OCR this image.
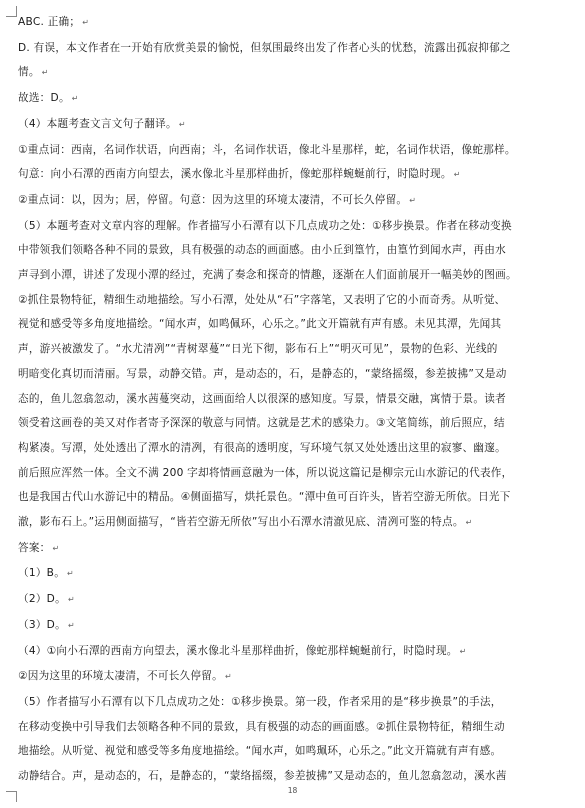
ABC. 正确； ↵

D. 有误，本文作者在一开始有欣赏美景的愉悦，但氛围最终出发了作者心头的忧愁，流露出孤寂抑郁之

情。 ↵

故选：D。 ↵

（4）本题考查文言文句子翻译。 ↵

①重点词：西南，名词作状语，向西南；斗，名词作状语，像北斗星那样，蛇，名词作状语，像蛇那样。

句意：向小石潭的西南方向望去，溪水像北斗星那样曲折，像蛇那样蜿蜒前行，时隐时现。 ↵

②重点词：以，因为；居，停留。句意：因为这里的环境太凄清，不可长久停留。 ↵

（5）本题考查对文章内容的理解。作者描写小石潭有以下几点成功之处：①移步换景。作者在移动变换

中带领我们领略各种不同的景致，具有极强的动态的画面感。由小丘到篁竹，由篁竹到闻水声，再由水

声寻到小潭，讲述了发现小潭的经过，充满了奏念和探奇的情趣，逐渐在人们面前展开一幅美妙的图画。

②抓住景物特征，精细生动地描绘。写小石潭，处处从“石”字落笔，又表明了它的小而奇秀。从听觉、

视觉和感受等多角度地描绘。“闻水声，如鸣佩环，心乐之。”此文开篇就有声有感。未见其潭，先闻其

声，游兴被激发了。“水尤清冽”“青树翠蔓”“日光下彻，影布石上”“明灭可见”，景物的色彩、光线的

明暗变化真切而清丽。写景，动静交错。声，是动态的，石，是静态的，“蒙络摇缀，参差披拂”又是动

态的，鱼儿忽翕忽动，溪水茜蔓突动，这画面给人以很深的感知度。写景，情景交融，寓情于景。读者

领受着这画卷的美又对作者寄予深深的敬意与同情。这就是艺术的感染力。③文笔简练，前后照应，结

构紧凑。写潭，处处透出了潭水的清冽，有很高的透明度，写环境气氛又处处透出这里的寂寥、幽邃。

前后照应浑然一体。全文不满 200 字却将情画意融为一体，所以说这篇记是柳宗元山水游记的代表作，

也是我国古代山水游记中的精品。④侧面描写，烘托景色。“潭中鱼可百许头，皆若空游无所依。日光下

澈，影布石上。”运用侧面描写，“皆若空游无所依”写出小石潭水清澈见底、清冽可鉴的特点。 ↵

答案： ↵

（1）B。 ↵

（2）D。 ↵

（3）D。 ↵

（4）①向小石潭的西南方向望去，溪水像北斗星那样曲折，像蛇那样蜿蜒前行，时隐时现。 ↵

②因为这里的环境太凄清，不可长久停留。 ↵

（5）作者描写小石潭有以下几点成功之处：①移步换景。第一段，作者采用的是“移步换景”的手法，

在移动变换中引导我们去领略各种不同的景致，具有极强的动态的画面感。②抓住景物特征，精细生动

地描绘。从听觉、视觉和感受等多角度地描绘。“闻水声，如鸣珮环，心乐之。”此文开篇就有声有感。

动静结合。声，是动态的，石，是静态的，“蒙络摇缀，参差披拂”又是动态的，鱼儿忽翕忽动，溪水茜

18
